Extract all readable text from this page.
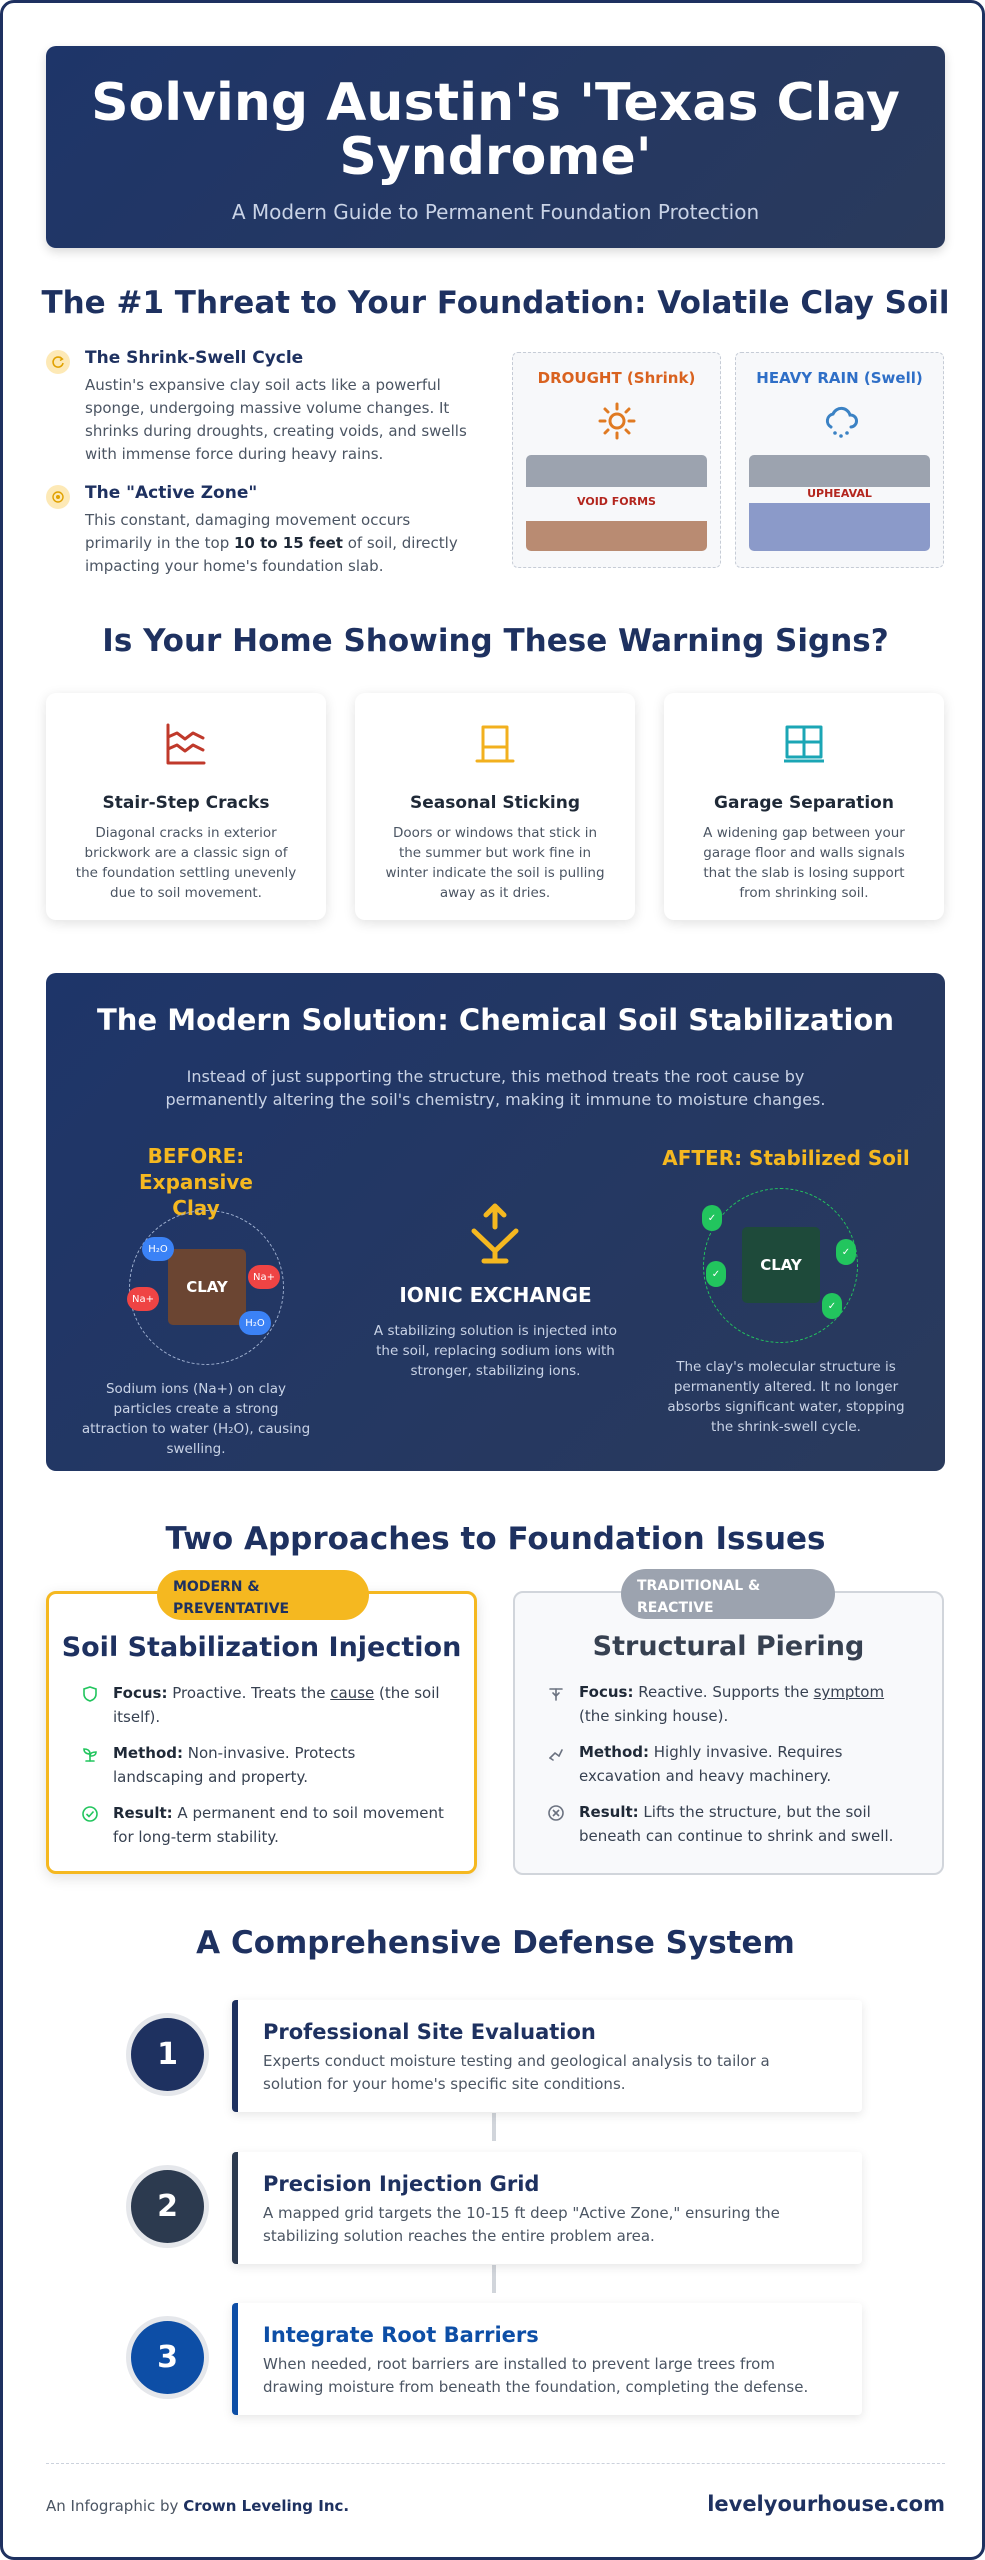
Solving Austin's 'Texas Clay
Syndrome'

A Modern Guide to Permanent Foundation Protection

The #1 Threat to Your Foundation: Volatile Clay Soil
The Shrink-Swell Cycle

Austin's expansive clay soil acts like a powerful sponge, undergoing massive volume changes. It shrinks during droughts, creating voids, and swells with immense force during heavy rains.

The "Active Zone"

This constant, damaging movement occurs primarily in the top 10 to 15 feet of soil, directly impacting your home's foundation slab.

DROUGHT (Shrink)
VOID FORMS
HEAVY RAIN (Swell)
UPHEAVAL
Is Your Home Showing These Warning Signs?
Stair-Step Cracks

Diagonal cracks in exterior brickwork are a classic sign of the foundation settling unevenly due to soil movement.

Seasonal Sticking

Doors or windows that stick in the summer but work fine in winter indicate the soil is pulling away as it dries.

Garage Separation

A widening gap between your garage floor and walls signals that the slab is losing support from shrinking soil.

The Modern Solution: Chemical Soil Stabilization
Instead of just supporting the structure, this method treats the root cause by
permanently altering the soil's chemistry, making it immune to moisture changes.
BEFORE: Expansive
Clay
CLAY
H₂O
Na+
Na+
H₂O
Sodium ions (Na+) on clay particles create a strong attraction to water (H₂O), causing swelling.
IONIC EXCHANGE
A stabilizing solution is injected into the soil, replacing sodium ions with stronger, stabilizing ions.
AFTER: Stabilized Soil
CLAY
✓
✓
✓
✓
The clay's molecular structure is permanently altered. It no longer absorbs significant water, stopping the shrink-swell cycle.
Two Approaches to Foundation Issues
MODERN &
PREVENTATIVE
Soil Stabilization Injection
Focus: Proactive. Treats the cause (the soil itself).
Method: Non-invasive. Protects landscaping and property.
Result: A permanent end to soil movement for long-term stability.
TRADITIONAL &
REACTIVE
Structural Piering
Focus: Reactive. Supports the symptom (the sinking house).
Method: Highly invasive. Requires excavation and heavy machinery.
Result: Lifts the structure, but the soil beneath can continue to shrink and swell.
A Comprehensive Defense System
1
Professional Site Evaluation

Experts conduct moisture testing and geological analysis to tailor a solution for your home's specific site conditions.

2
Precision Injection Grid

A mapped grid targets the 10-15 ft deep "Active Zone," ensuring the stabilizing solution reaches the entire problem area.

3
Integrate Root Barriers

When needed, root barriers are installed to prevent large trees from drawing moisture from beneath the foundation, completing the defense.

An Infographic by Crown Leveling Inc.	levelyourhouse.com
